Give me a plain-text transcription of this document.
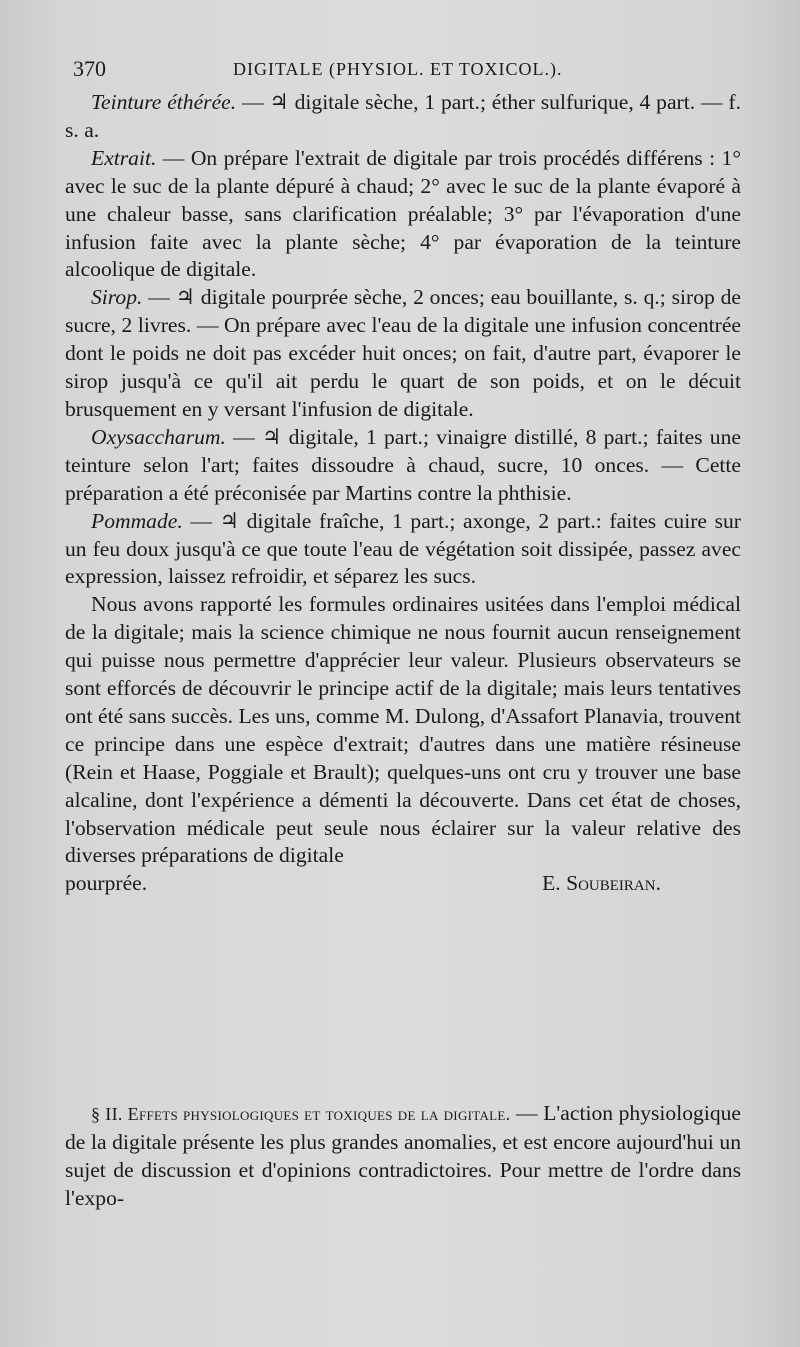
370	DIGITALE (PHYSIOL. ET TOXICOL.).

Teinture éthérée. — ♃ digitale sèche, 1 part.; éther sulfurique, 4 part. — f. s. a.

Extrait. — On prépare l'extrait de digitale par trois procédés différens : 1° avec le suc de la plante dépuré à chaud; 2° avec le suc de la plante évaporé à une chaleur basse, sans clarification préalable; 3° par l'évaporation d'une infusion faite avec la plante sèche; 4° par évaporation de la teinture alcoolique de digitale.

Sirop. — ♃ digitale pourprée sèche, 2 onces; eau bouillante, s. q.; sirop de sucre, 2 livres. — On prépare avec l'eau de la digitale une infusion concentrée dont le poids ne doit pas excéder huit onces; on fait, d'autre part, évaporer le sirop jusqu'à ce qu'il ait perdu le quart de son poids, et on le décuit brusquement en y versant l'infusion de digitale.

Oxysaccharum. — ♃ digitale, 1 part.; vinaigre distillé, 8 part.; faites une teinture selon l'art; faites dissoudre à chaud, sucre, 10 onces. — Cette préparation a été préconisée par Martins contre la phthisie.

Pommade. — ♃ digitale fraîche, 1 part.; axonge, 2 part.: faites cuire sur un feu doux jusqu'à ce que toute l'eau de végétation soit dissipée, passez avec expression, laissez refroidir, et séparez les sucs.

Nous avons rapporté les formules ordinaires usitées dans l'emploi médical de la digitale; mais la science chimique ne nous fournit aucun renseignement qui puisse nous permettre d'apprécier leur valeur. Plusieurs observateurs se sont efforcés de découvrir le principe actif de la digitale; mais leurs tentatives ont été sans succès. Les uns, comme M. Dulong, d'Assafort Planavia, trouvent ce principe dans une espèce d'extrait; d'autres dans une matière résineuse (Rein et Haase, Poggiale et Brault); quelques-uns ont cru y trouver une base alcaline, dont l'expérience a démenti la découverte. Dans cet état de choses, l'observation médicale peut seule nous éclairer sur la valeur relative des diverses préparations de digitale

pourprée.	E. Soubeiran.

§ II. Effets physiologiques et toxiques de la digitale. — L'action physiologique de la digitale présente les plus grandes anomalies, et est encore aujourd'hui un sujet de discussion et d'opinions contradictoires. Pour mettre de l'ordre dans l'expo-
